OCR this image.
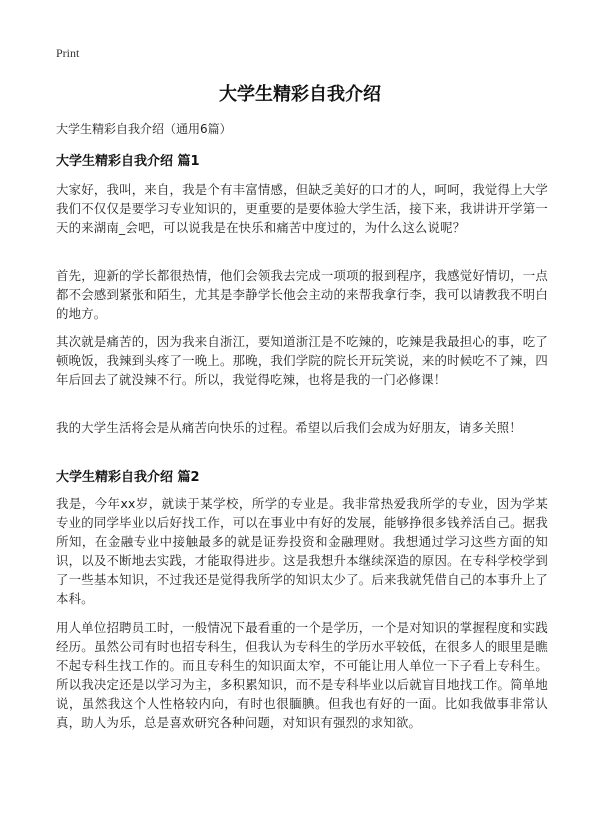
Print
大学生精彩自我介绍
大学生精彩自我介绍（通用6篇）
大学生精彩自我介绍 篇1
大家好，我叫，来自，我是个有丰富情感，但缺乏美好的口才的人，呵呵，我觉得上大学我们不仅仅是要学习专业知识的，更重要的是要体验大学生活，接下来，我讲讲开学第一天的来湖南_会吧，可以说我是在快乐和痛苦中度过的，为什么这么说呢？
首先，迎新的学长都很热情，他们会领我去完成一项项的报到程序，我感觉好情切，一点都不会感到紧张和陌生，尤其是李静学长他会主动的来帮我拿行李，我可以请教我不明白的地方。
其次就是痛苦的，因为我来自浙江，要知道浙江是不吃辣的，吃辣是我最担心的事，吃了顿晚饭，我辣到头疼了一晚上。那晚，我们学院的院长开玩笑说，来的时候吃不了辣，四年后回去了就没辣不行。所以，我觉得吃辣，也将是我的一门必修课！
我的大学生活将会是从痛苦向快乐的过程。希望以后我们会成为好朋友，请多关照！
大学生精彩自我介绍 篇2
我是，今年xx岁，就读于某学校，所学的专业是。我非常热爱我所学的专业，因为学某专业的同学毕业以后好找工作，可以在事业中有好的发展，能够挣很多钱养活自己。据我所知，在金融专业中接触最多的就是证券投资和金融理财。我想通过学习这些方面的知识，以及不断地去实践，才能取得进步。这是我想升本继续深造的原因。在专科学校学到了一些基本知识，不过我还是觉得我所学的知识太少了。后来我就凭借自己的本事升上了本科。
用人单位招聘员工时，一般情况下最看重的一个是学历，一个是对知识的掌握程度和实践经历。虽然公司有时也招专科生，但我认为专科生的学历水平较低，在很多人的眼里是瞧不起专科生找工作的。而且专科生的知识面太窄，不可能让用人单位一下子看上专科生。所以我决定还是以学习为主，多积累知识，而不是专科毕业以后就盲目地找工作。简单地说，虽然我这个人性格较内向，有时也很腼腆。但我也有好的一面。比如我做事非常认真，助人为乐，总是喜欢研究各种问题，对知识有强烈的求知欲。
